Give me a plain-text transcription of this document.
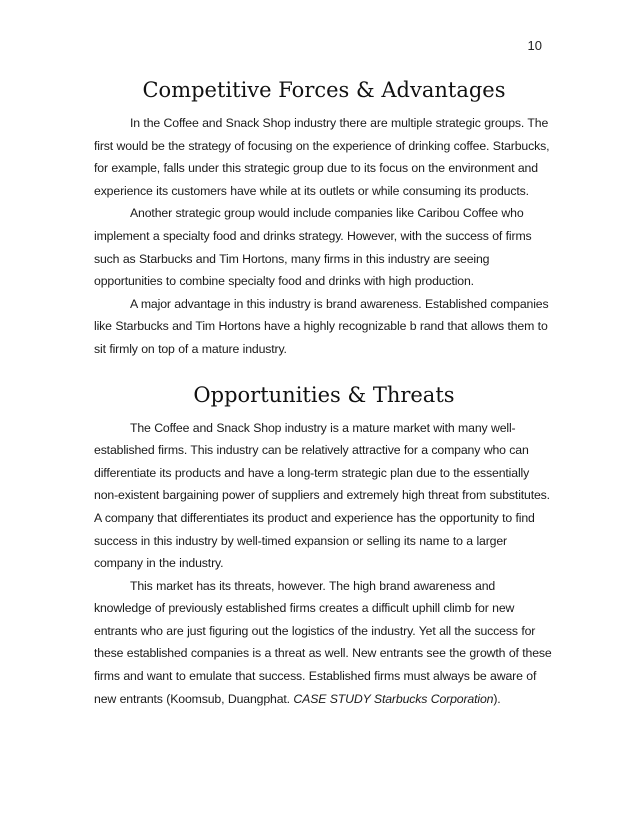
10
Competitive Forces & Advantages

In the Coffee and Snack Shop industry there are multiple strategic groups. The first would be the strategy of focusing on the experience of drinking coffee. Starbucks, for example, falls under this strategic group due to its focus on the environment and experience its customers have while at its outlets or while consuming its products.

Another strategic group would include companies like Caribou Coffee who implement a specialty food and drinks strategy. However, with the success of firms such as Starbucks and Tim Hortons, many firms in this industry are seeing opportunities to combine specialty food and drinks with high production.

A major advantage in this industry is brand awareness. Established companies like Starbucks and Tim Hortons have a highly recognizable b rand that allows them to sit firmly on top of a mature industry.

Opportunities & Threats

The Coffee and Snack Shop industry is a mature market with many well-established firms. This industry can be relatively attractive for a company who can differentiate its products and have a long-term strategic plan due to the essentially non-existent bargaining power of suppliers and extremely high threat from substitutes. A company that differentiates its product and experience has the opportunity to find success in this industry by well-timed expansion or selling its name to a larger company in the industry.

This market has its threats, however. The high brand awareness and knowledge of previously established firms creates a difficult uphill climb for new entrants who are just figuring out the logistics of the industry. Yet all the success for these established companies is a threat as well. New entrants see the growth of these firms and want to emulate that success. Established firms must always be aware of new entrants (Koomsub, Duangphat. CASE STUDY Starbucks Corporation).
